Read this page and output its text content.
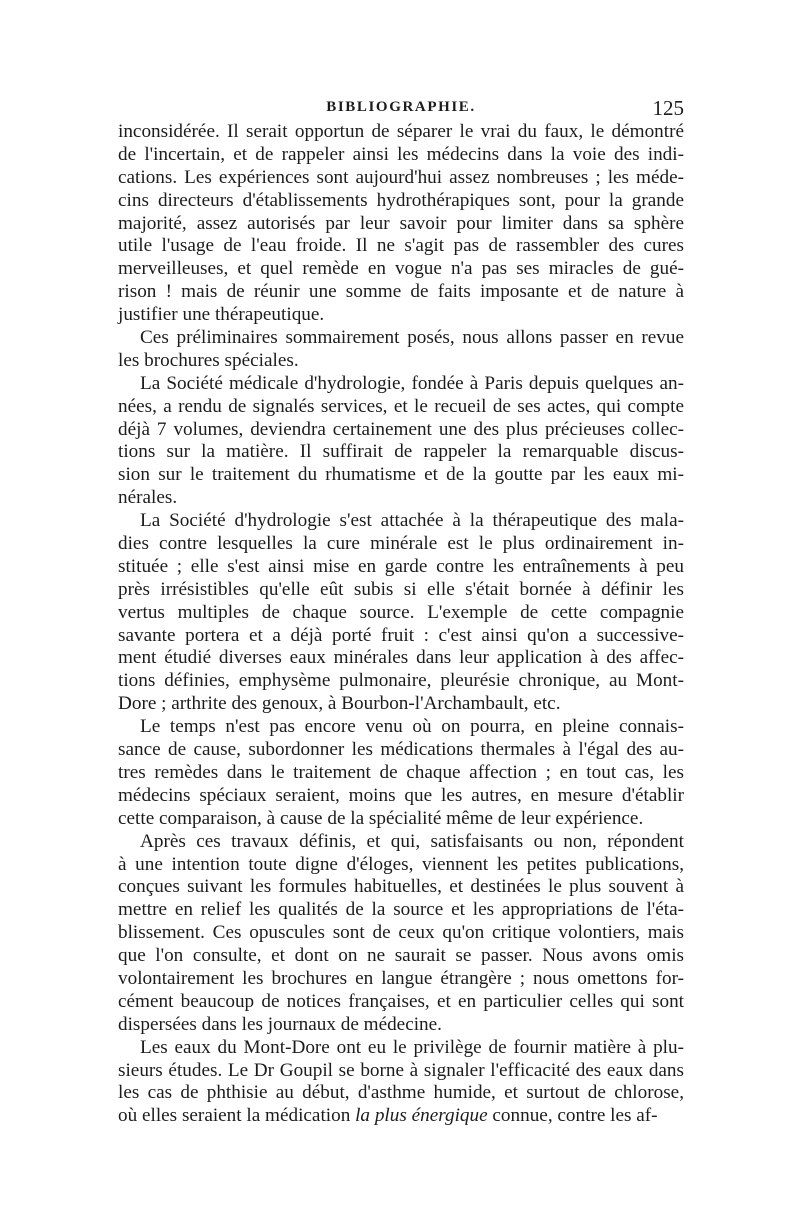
BIBLIOGRAPHIE.	125
inconsidérée. Il serait opportun de séparer le vrai du faux, le démontré
de l'incertain, et de rappeler ainsi les médecins dans la voie des indi-
cations. Les expériences sont aujourd'hui assez nombreuses ; les méde-
cins directeurs d'établissements hydrothérapiques sont, pour la grande
majorité, assez autorisés par leur savoir pour limiter dans sa sphère
utile l'usage de l'eau froide. Il ne s'agit pas de rassembler des cures
merveilleuses, et quel remède en vogue n'a pas ses miracles de gué-
rison ! mais de réunir une somme de faits imposante et de nature à
justifier une thérapeutique.
Ces préliminaires sommairement posés, nous allons passer en revue
les brochures spéciales.
La Société médicale d'hydrologie, fondée à Paris depuis quelques an-
nées, a rendu de signalés services, et le recueil de ses actes, qui compte
déjà 7 volumes, deviendra certainement une des plus précieuses collec-
tions sur la matière. Il suffirait de rappeler la remarquable discus-
sion sur le traitement du rhumatisme et de la goutte par les eaux mi-
nérales.
La Société d'hydrologie s'est attachée à la thérapeutique des mala-
dies contre lesquelles la cure minérale est le plus ordinairement in-
stituée ; elle s'est ainsi mise en garde contre les entraînements à peu
près irrésistibles qu'elle eût subis si elle s'était bornée à définir les
vertus multiples de chaque source. L'exemple de cette compagnie
savante portera et a déjà porté fruit : c'est ainsi qu'on a successive-
ment étudié diverses eaux minérales dans leur application à des affec-
tions définies, emphysème pulmonaire, pleurésie chronique, au Mont-
Dore ; arthrite des genoux, à Bourbon-l'Archambault, etc.
Le temps n'est pas encore venu où on pourra, en pleine connais-
sance de cause, subordonner les médications thermales à l'égal des au-
tres remèdes dans le traitement de chaque affection ; en tout cas, les
médecins spéciaux seraient, moins que les autres, en mesure d'établir
cette comparaison, à cause de la spécialité même de leur expérience.
Après ces travaux définis, et qui, satisfaisants ou non, répondent
à une intention toute digne d'éloges, viennent les petites publications,
conçues suivant les formules habituelles, et destinées le plus souvent à
mettre en relief les qualités de la source et les appropriations de l'éta-
blissement. Ces opuscules sont de ceux qu'on critique volontiers, mais
que l'on consulte, et dont on ne saurait se passer. Nous avons omis
volontairement les brochures en langue étrangère ; nous omettons for-
cément beaucoup de notices françaises, et en particulier celles qui sont
dispersées dans les journaux de médecine.
Les eaux du Mont-Dore ont eu le privilège de fournir matière à plu-
sieurs études. Le Dr Goupil se borne à signaler l'efficacité des eaux dans
les cas de phthisie au début, d'asthme humide, et surtout de chlorose,
où elles seraient la médication la plus énergique connue, contre les af-
